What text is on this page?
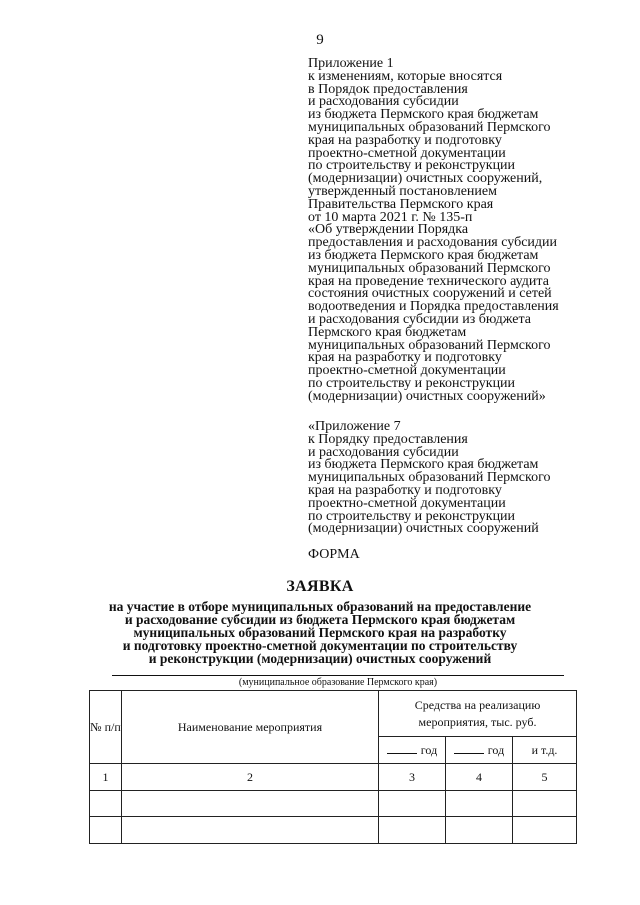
9
Приложение 1
к изменениям, которые вносятся
в Порядок предоставления
и расходования субсидии
из бюджета Пермского края бюджетам
муниципальных образований Пермского
края на разработку и подготовку
проектно-сметной документации
по строительству и реконструкции
(модернизации) очистных сооружений,
утвержденный постановлением
Правительства Пермского края
от 10 марта 2021 г. № 135-п
«Об утверждении Порядка
предоставления и расходования субсидии
из бюджета Пермского края бюджетам
муниципальных образований Пермского
края на проведение технического аудита
состояния очистных сооружений и сетей
водоотведения и Порядка предоставления
и расходования субсидии из бюджета
Пермского края бюджетам
муниципальных образований Пермского
края на разработку и подготовку
проектно-сметной документации
по строительству и реконструкции
(модернизации) очистных сооружений»
«Приложение 7
к Порядку предоставления
и расходования субсидии
из бюджета Пермского края бюджетам
муниципальных образований Пермского
края на разработку и подготовку
проектно-сметной документации
по строительству и реконструкции
(модернизации) очистных сооружений
ФОРМА
ЗАЯВКА
на участие в отборе муниципальных образований на предоставление
и расходование субсидии из бюджета Пермского края бюджетам
муниципальных образований Пермского края на разработку
и подготовку проектно-сметной документации по строительству
и реконструкции (модернизации) очистных сооружений
(муниципальное образование Пермского края)
№ п/п	Наименование мероприятия	Средства на реализацию мероприятия, тыс. руб.		
		год	год	и т.д.
1	2	3	4	5
